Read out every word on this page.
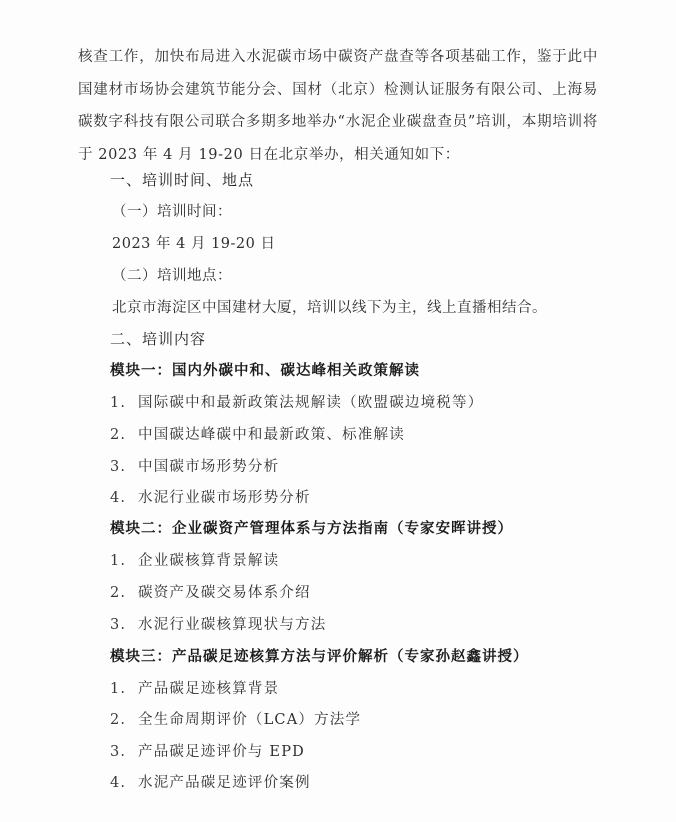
核查工作，加快布局进入水泥碳市场中碳资产盘查等各项基础工作，鉴于此中国建材市场协会建筑节能分会、国材（北京）检测认证服务有限公司、上海易碳数字科技有限公司联合多期多地举办“水泥企业碳盘查员”培训，本期培训将于 2023 年 4 月 19-20 日在北京举办，相关通知如下：

一、培训时间、地点
（一）培训时间：
2023 年 4 月 19-20 日
（二）培训地点：
北京市海淀区中国建材大厦，培训以线下为主，线上直播相结合。
二、培训内容
模块一：国内外碳中和、碳达峰相关政策解读
1. 国际碳中和最新政策法规解读（欧盟碳边境税等）
2. 中国碳达峰碳中和最新政策、标准解读
3. 中国碳市场形势分析
4. 水泥行业碳市场形势分析
模块二：企业碳资产管理体系与方法指南（专家安晖讲授）
1. 企业碳核算背景解读
2. 碳资产及碳交易体系介绍
3. 水泥行业碳核算现状与方法
模块三：产品碳足迹核算方法与评价解析（专家孙赵鑫讲授）
1. 产品碳足迹核算背景
2. 全生命周期评价（LCA）方法学
3. 产品碳足迹评价与 EPD
4. 水泥产品碳足迹评价案例
